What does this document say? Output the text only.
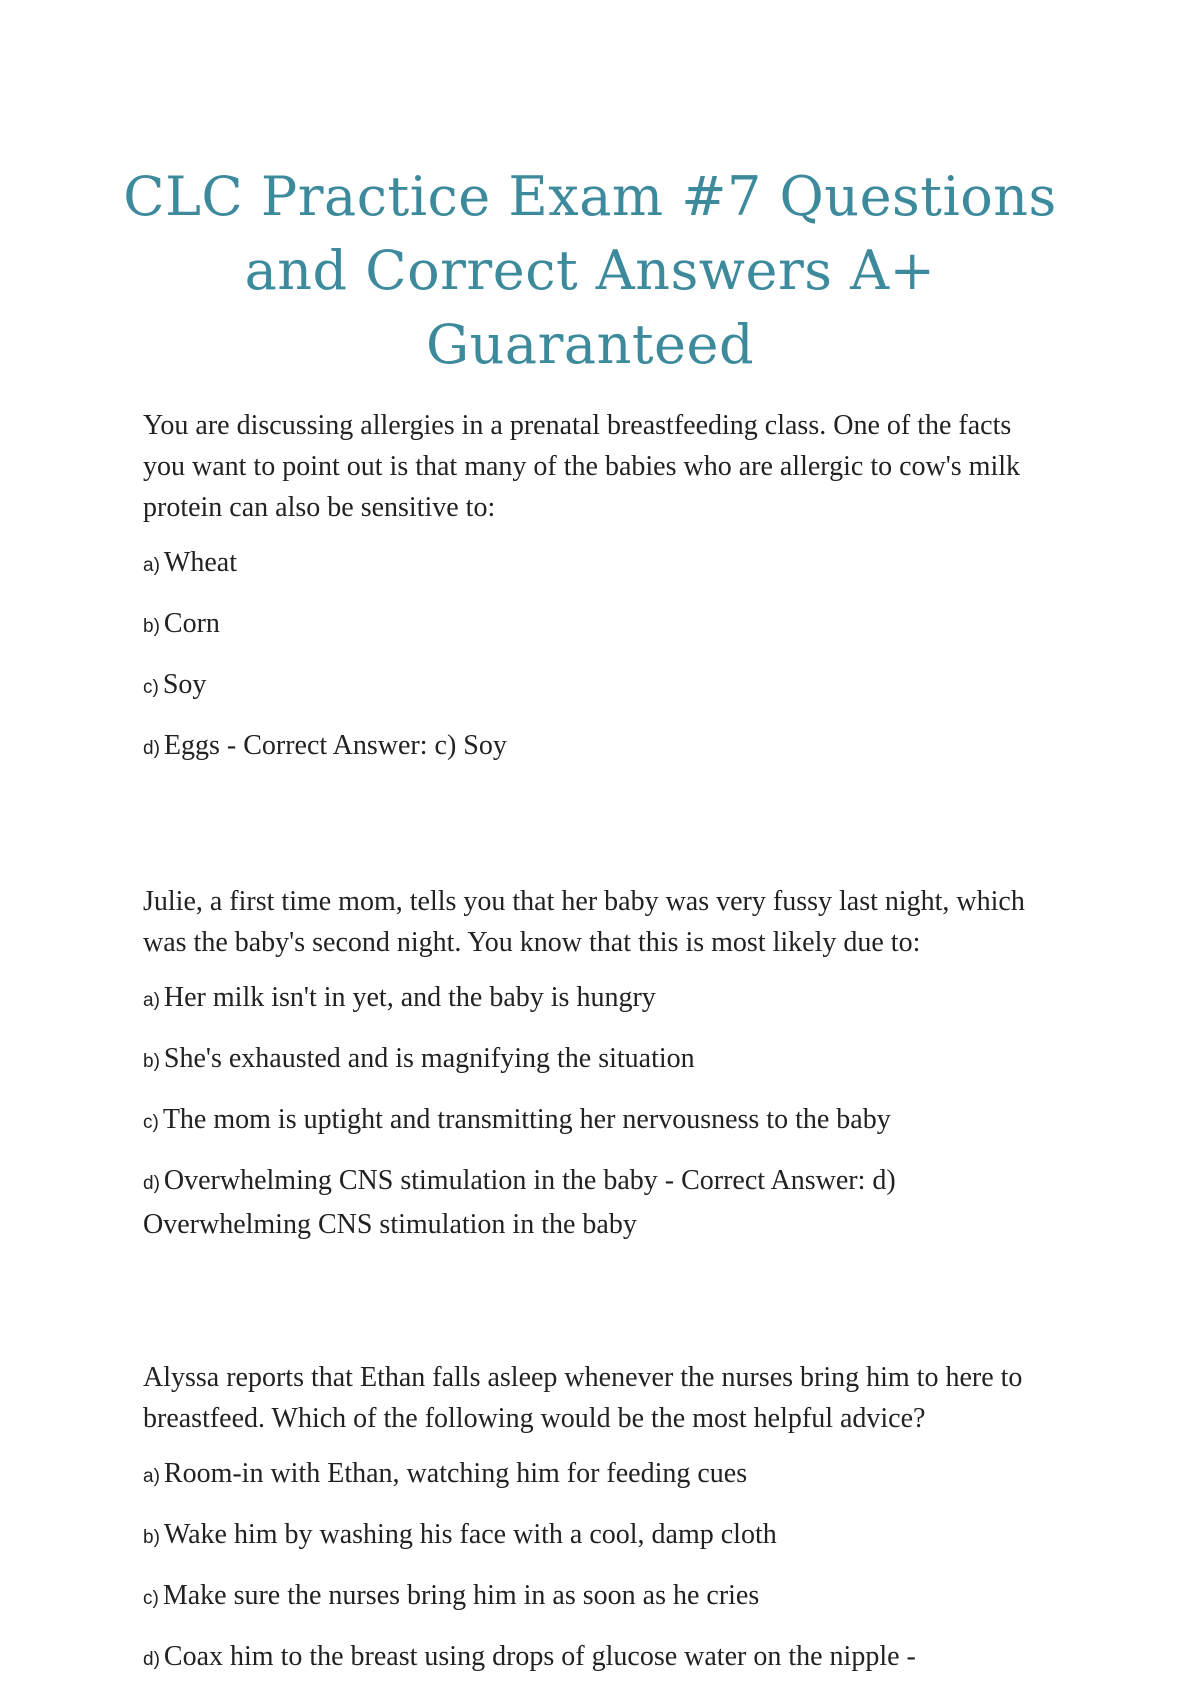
CLC Practice Exam #7 Questions and Correct Answers A+ Guaranteed

You are discussing allergies in a prenatal breastfeeding class. One of the facts you want to point out is that many of the babies who are allergic to cow's milk protein can also be sensitive to:

a) Wheat

b) Corn

c) Soy

d) Eggs - Correct Answer: c) Soy

Julie, a first time mom, tells you that her baby was very fussy last night, which was the baby's second night. You know that this is most likely due to:

a) Her milk isn't in yet, and the baby is hungry

b) She's exhausted and is magnifying the situation

c) The mom is uptight and transmitting her nervousness to the baby

d) Overwhelming CNS stimulation in the baby - Correct Answer: d) Overwhelming CNS stimulation in the baby

Alyssa reports that Ethan falls asleep whenever the nurses bring him to here to breastfeed. Which of the following would be the most helpful advice?

a) Room-in with Ethan, watching him for feeding cues

b) Wake him by washing his face with a cool, damp cloth

c) Make sure the nurses bring him in as soon as he cries

d) Coax him to the breast using drops of glucose water on the nipple -
